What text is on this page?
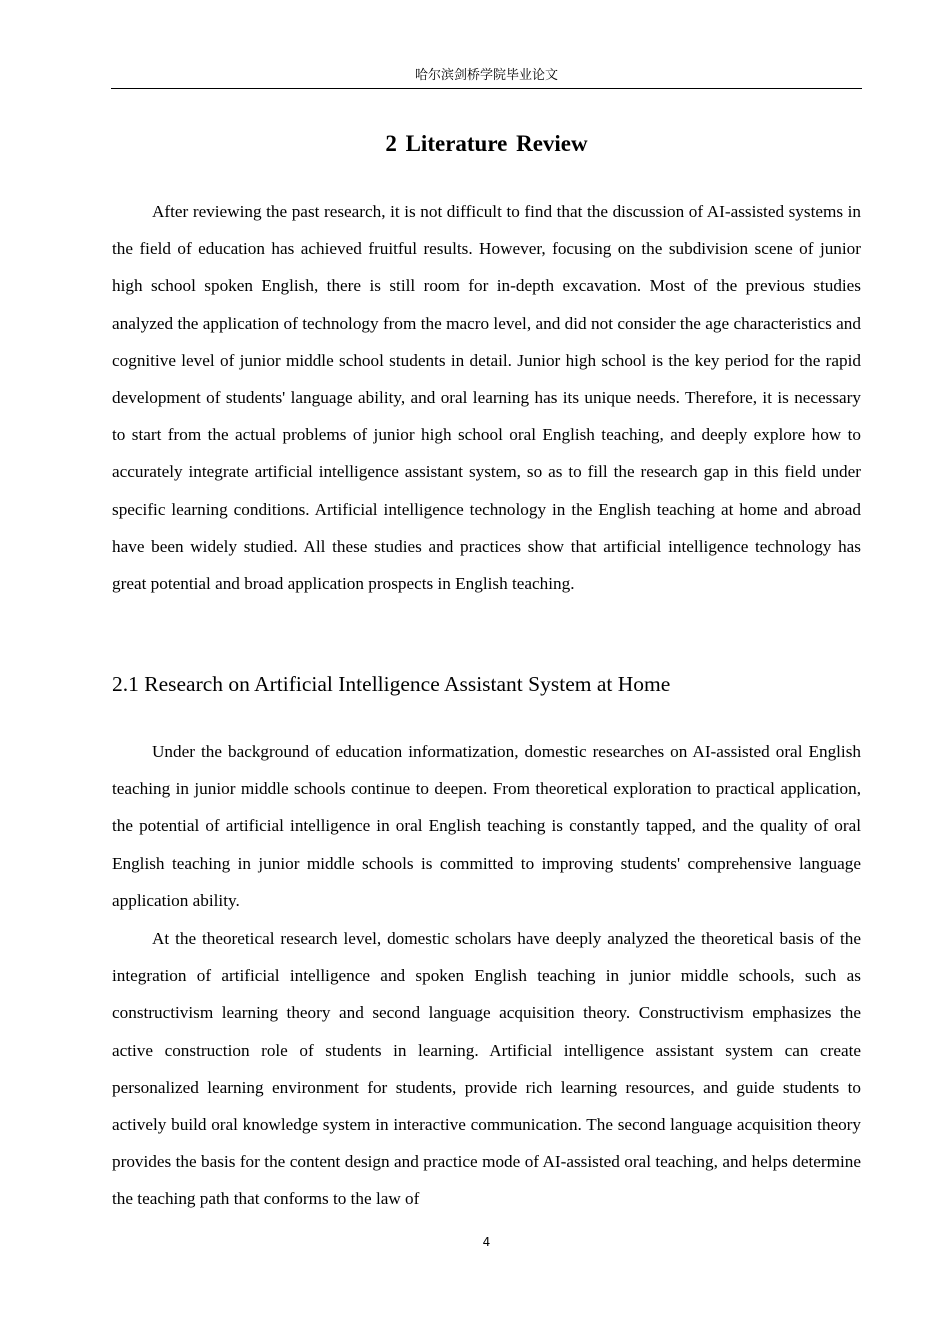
哈尔滨剑桥学院毕业论文
2 Literature Review

After reviewing the past research, it is not difficult to find that the discussion of AI-assisted systems in the field of education has achieved fruitful results. However, focusing on the subdivision scene of junior high school spoken English, there is still room for in-depth excavation. Most of the previous studies analyzed the application of technology from the macro level, and did not consider the age characteristics and cognitive level of junior middle school students in detail. Junior high school is the key period for the rapid development of students' language ability, and oral learning has its unique needs. Therefore, it is necessary to start from the actual problems of junior high school oral English teaching, and deeply explore how to accurately integrate artificial intelligence assistant system, so as to fill the research gap in this field under specific learning conditions. Artificial intelligence technology in the English teaching at home and abroad have been widely studied. All these studies and practices show that artificial intelligence technology has great potential and broad application prospects in English teaching.

2.1 Research on Artificial Intelligence Assistant System at Home

Under the background of education informatization, domestic researches on AI-assisted oral English teaching in junior middle schools continue to deepen. From theoretical exploration to practical application, the potential of artificial intelligence in oral English teaching is constantly tapped, and the quality of oral English teaching in junior middle schools is committed to improving students' comprehensive language application ability.

At the theoretical research level, domestic scholars have deeply analyzed the theoretical basis of the integration of artificial intelligence and spoken English teaching in junior middle schools, such as constructivism learning theory and second language acquisition theory. Constructivism emphasizes the active construction role of students in learning. Artificial intelligence assistant system can create personalized learning environment for students, provide rich learning resources, and guide students to actively build oral knowledge system in interactive communication. The second language acquisition theory provides the basis for the content design and practice mode of AI-assisted oral teaching, and helps determine the teaching path that conforms to the law of

4
